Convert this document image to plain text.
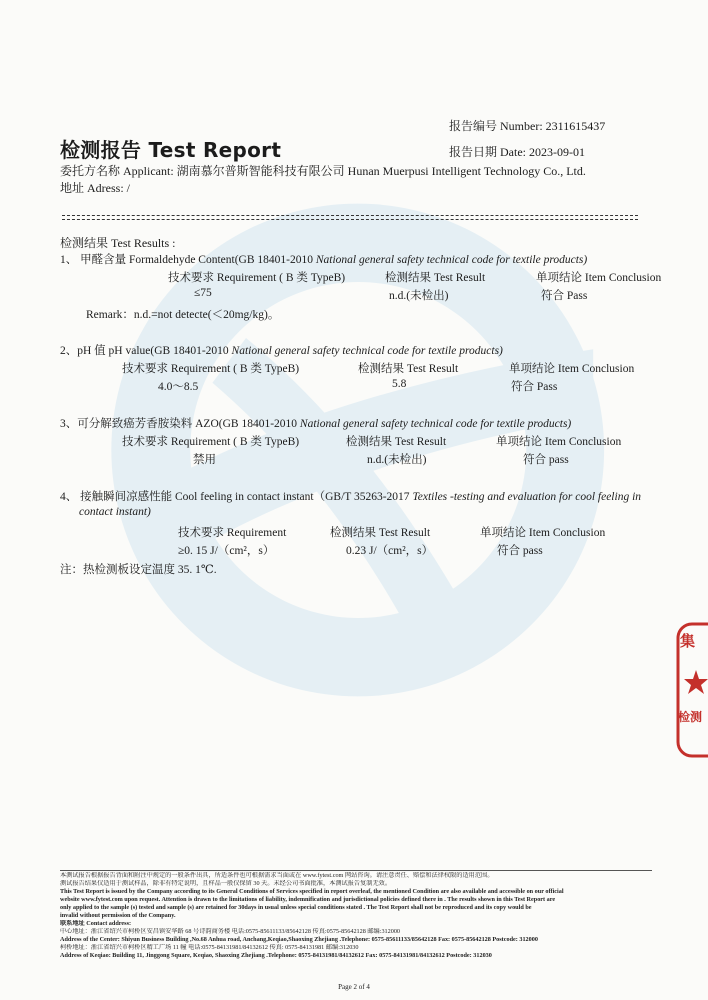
报告编号 Number: 2311615437
检测报告 Test Report	报告日期 Date: 2023-09-01
委托方名称 Applicant: 湖南慕尔普斯智能科技有限公司 Hunan Muerpusi Intelligent Technology Co., Ltd.
地址 Adress: /
检测结果 Test Results :
1、 甲醛含量 Formaldehyde Content(GB 18401-2010 National general safety technical code for textile products)
技术要求 Requirement ( B 类 TypeB)	检测结果 Test Result	单项结论 Item Conclusion
≤75	n.d.(未检出)	符合 Pass
Remark：n.d.=not detecte(＜20mg/kg)。
2、pH 值 pH value(GB 18401-2010 National general safety technical code for textile products)
技术要求 Requirement ( B 类 TypeB)	检测结果 Test Result	单项结论 Item Conclusion
4.0～8.5	5.8	符合 Pass
3、可分解致癌芳香胺染料 AZO(GB 18401-2010 National general safety technical code for textile products)
技术要求 Requirement ( B 类 TypeB)	检测结果 Test Result	单项结论 Item Conclusion
禁用	n.d.(未检出)	符合 pass
4、 接触瞬间凉感性能 Cool feeling in contact instant（GB/T 35263-2017 Textiles -testing and evaluation for cool feeling in
contact instant)
技术要求 Requirement	检测结果 Test Result	单项结论 Item Conclusion
≥0. 15 J/（cm²，s）	0.23 J/（cm²，s）	符合 pass
注：热检测板设定温度 35. 1℃.
集
检测
本测试报告根据报告背面和附注中规定的一般条件出具，所适条件也可根据需求当面或在 www.fytest.com 网站咨询。请注意责任、赔偿和法律权限的适用范围。
测试报告结果仅适用于测试样品，除非有特定说明，且样品一般仅保留 30 天。未经公司书面批准，本测试报告复制无效。
This Test Report is issued by the Company according to its General Conditions of Services specified in report overleaf, the mentioned Condition are also available and accessible on our official
website www.fytest.com upon request. Attention is drawn to the limitations of liability, indemnification and jurisdictional policies defined there in . The results shown in this Test Report are
only applied to the sample (s) tested and sample (s) are retained for 30days in usual unless special conditions stated . The Test Report shall not be reproduced and its copy would be
invalid without permission of the Company.
联系地址 Contact address:
中心地址：浙江省绍兴市柯桥区安昌镇安华路 68 号诗韵商务楼 电话:0575-85611133/85642128 传真:0575-85642128 邮编:312000
Address of the Center: Shiyun Business Building ,No.68 Anhua road, Anchang,Keqiao,Shaoxing Zhejiang .Telephone: 0575-85611133/85642128 Fax: 0575-85642128 Postcode: 312000
柯桥地址：浙江省绍兴市柯桥区精工广场 11 幢 电话:0575-84131981/84132612 传真: 0575-84131981 邮编:312030
Address of Keqiao: Building 11, Jinggong Square, Keqiao, Shaoxing Zhejiang .Telephone: 0575-84131981/84132612 Fax: 0575-84131981/84132612 Postcode: 312030
Page 2 of 4
